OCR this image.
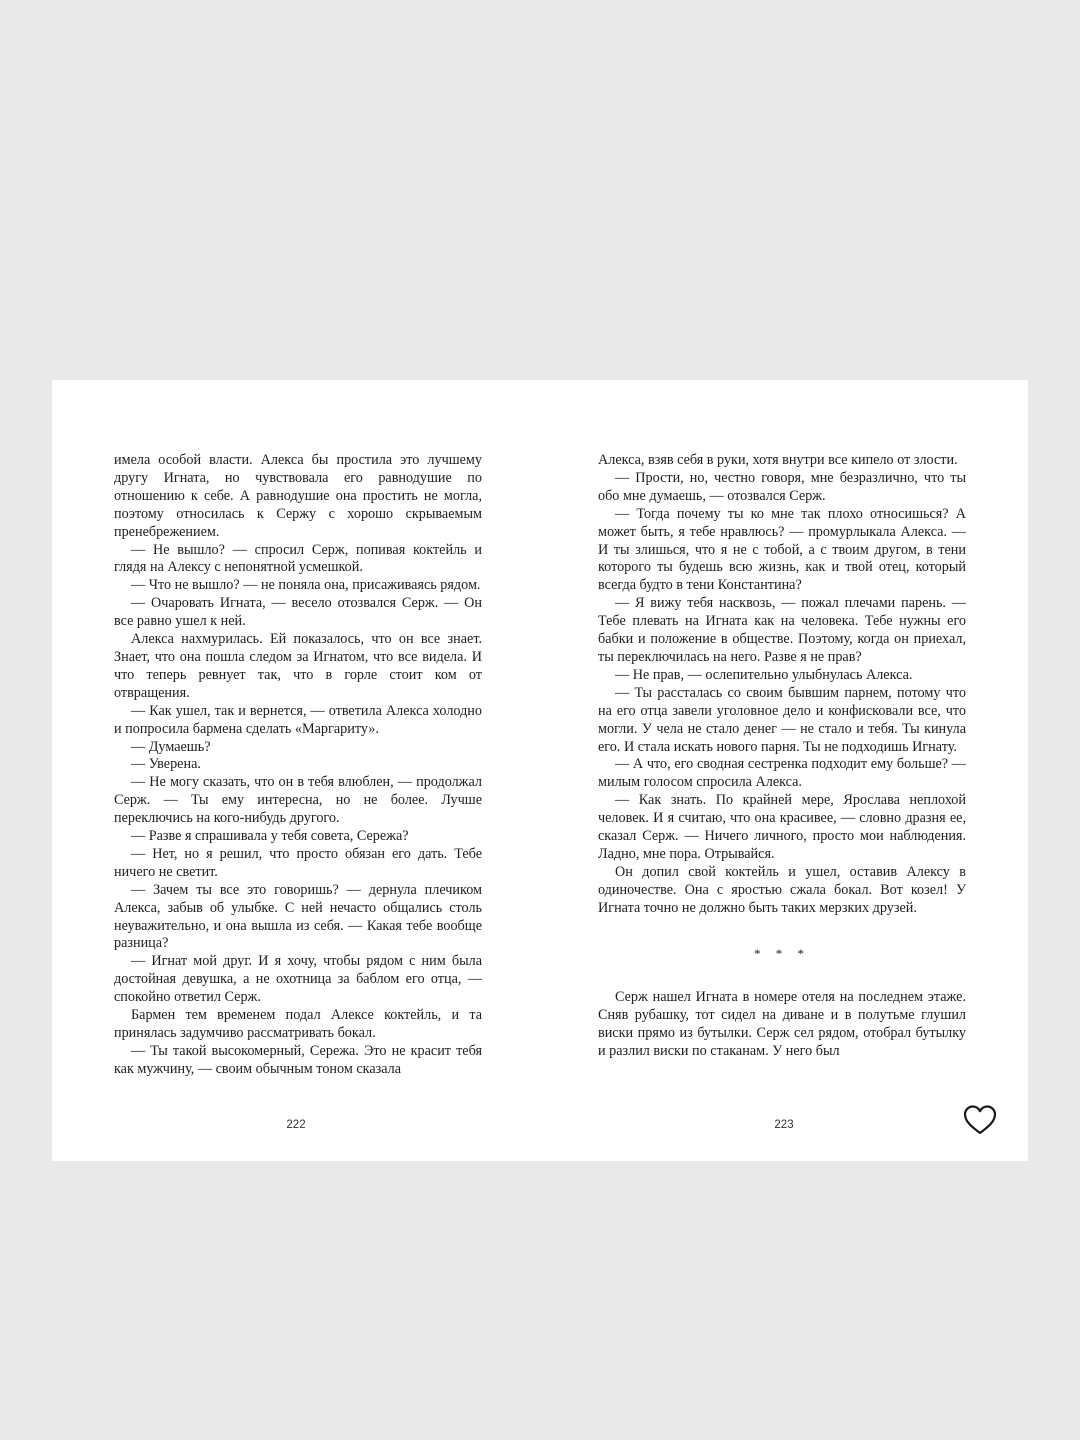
имела особой власти. Алекса бы простила это лучшему другу Игната, но чувствовала его равнодушие по отношению к себе. А равнодушие она простить не могла, поэтому относилась к Сержу с хорошо скрываемым пренебрежением.

— Не вышло? — спросил Серж, попивая коктейль и глядя на Алексу с непонятной усмешкой.

— Что не вышло? — не поняла она, присаживаясь рядом.

— Очаровать Игната, — весело отозвался Серж. — Он все равно ушел к ней.

Алекса нахмурилась. Ей показалось, что он все знает. Знает, что она пошла следом за Игнатом, что все видела. И что теперь ревнует так, что в горле стоит ком от отвращения.

— Как ушел, так и вернется, — ответила Алекса холодно и попросила бармена сделать «Маргариту».

— Думаешь?

— Уверена.

— Не могу сказать, что он в тебя влюблен, — продолжал Серж. — Ты ему интересна, но не более. Лучше переключись на кого-нибудь другого.

— Разве я спрашивала у тебя совета, Сережа?

— Нет, но я решил, что просто обязан его дать. Тебе ничего не светит.

— Зачем ты все это говоришь? — дернула плечиком Алекса, забыв об улыбке. С ней нечасто общались столь неуважительно, и она вышла из себя. — Какая тебе вообще разница?

— Игнат мой друг. И я хочу, чтобы рядом с ним была достойная девушка, а не охотница за баблом его отца, — спокойно ответил Серж.

Бармен тем временем подал Алексе коктейль, и та принялась задумчиво рассматривать бокал.

— Ты такой высокомерный, Сережа. Это не красит тебя как мужчину, — своим обычным тоном сказала

Алекса, взяв себя в руки, хотя внутри все кипело от злости.

— Прости, но, честно говоря, мне безразлично, что ты обо мне думаешь, — отозвался Серж.

— Тогда почему ты ко мне так плохо относишься? А может быть, я тебе нравлюсь? — промурлыкала Алекса. — И ты злишься, что я не с тобой, а с твоим другом, в тени которого ты будешь всю жизнь, как и твой отец, который всегда будто в тени Константина?

— Я вижу тебя насквозь, — пожал плечами парень. — Тебе плевать на Игната как на человека. Тебе нужны его бабки и положение в обществе. Поэтому, когда он приехал, ты переключилась на него. Разве я не прав?

— Не прав, — ослепительно улыбнулась Алекса.

— Ты рассталась со своим бывшим парнем, потому что на его отца завели уголовное дело и конфисковали все, что могли. У чела не стало денег — не стало и тебя. Ты кинула его. И стала искать нового парня. Ты не подходишь Игнату.

— А что, его сводная сестренка подходит ему больше? — милым голосом спросила Алекса.

— Как знать. По крайней мере, Ярослава неплохой человек. И я считаю, что она красивее, — словно дразня ее, сказал Серж. — Ничего личного, просто мои наблюдения. Ладно, мне пора. Отрывайся.

Он допил свой коктейль и ушел, оставив Алексу в одиночестве. Она с яростью сжала бокал. Вот козел! У Игната точно не должно быть таких мерзких друзей.

* * *

Серж нашел Игната в номере отеля на последнем этаже. Сняв рубашку, тот сидел на диване и в полутьме глушил виски прямо из бутылки. Серж сел рядом, отобрал бутылку и разлил виски по стаканам. У него был

222	223
